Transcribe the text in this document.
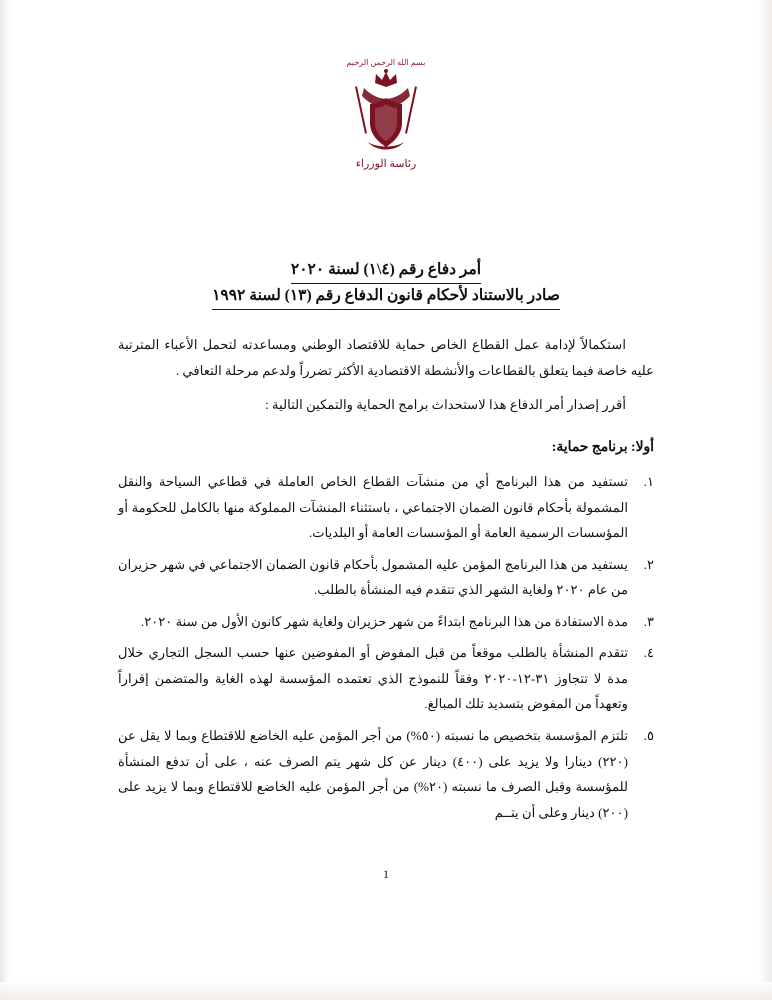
بسم الله الرحمن الرحيم
رئاسة الوزراء
أمر دفاع رقم (٤\١) لسنة ٢٠٢٠
صادر بالاستناد لأحكام قانون الدفاع رقم (١٣) لسنة ١٩٩٢
استكمالاً لإدامة عمل القطاع الخاص حماية للاقتصاد الوطني ومساعدته لتحمل الأعباء المترتبة عليه خاصة فيما يتعلق بالقطاعات والأنشطة الاقتصادية الأكثر تضرراً ولدعم مرحلة التعافي .
أقرر إصدار أمر الدفاع هذا لاستحداث برامج الحماية والتمكين التالية :
أولا: برنامج حماية:
١.
تستفيد من هذا البرنامج أي من منشآت القطاع الخاص العاملة في قطاعي السياحة والنقل المشمولة بأحكام قانون الضمان الاجتماعي ، باستثناء المنشآت المملوكة منها بالكامل للحكومة أو المؤسسات الرسمية العامة أو المؤسسات العامة أو البلديات.
٢.
يستفيد من هذا البرنامج المؤمن عليه المشمول بأحكام قانون الضمان الاجتماعي في شهر حزيران من عام ٢٠٢٠ ولغاية الشهر الذي تتقدم فيه المنشأة بالطلب.
٣.
مدة الاستفادة من هذا البرنامج ابتداءً من شهر حزيران ولغاية شهر كانون الأول من سنة ٢٠٢٠.
٤.
تتقدم المنشأة بالطلب موقعاً من قبل المفوض أو المفوضين عنها حسب السجل التجاري خلال مدة لا تتجاوز ٣١-١٢-٢٠٢٠ وفقاً للنموذج الذي تعتمده المؤسسة لهذه الغاية والمتضمن إقراراً وتعهداً من المفوض بتسديد تلك المبالغ.
٥.
تلتزم المؤسسة بتخصيص ما نسبته (٥٠%) من أجر المؤمن عليه الخاضع للاقتطاع وبما لا يقل عن (٢٢٠) دينارا ولا يزيد على (٤٠٠) دينار عن كل شهر يتم الصرف عنه ، على أن تدفع المنشأة للمؤسسة وقبل الصرف ما نسبته (٢٠%) من أجر المؤمن عليه الخاضع للاقتطاع وبما لا يزيد على (٢٠٠) دينار وعلى أن يتــم
1
